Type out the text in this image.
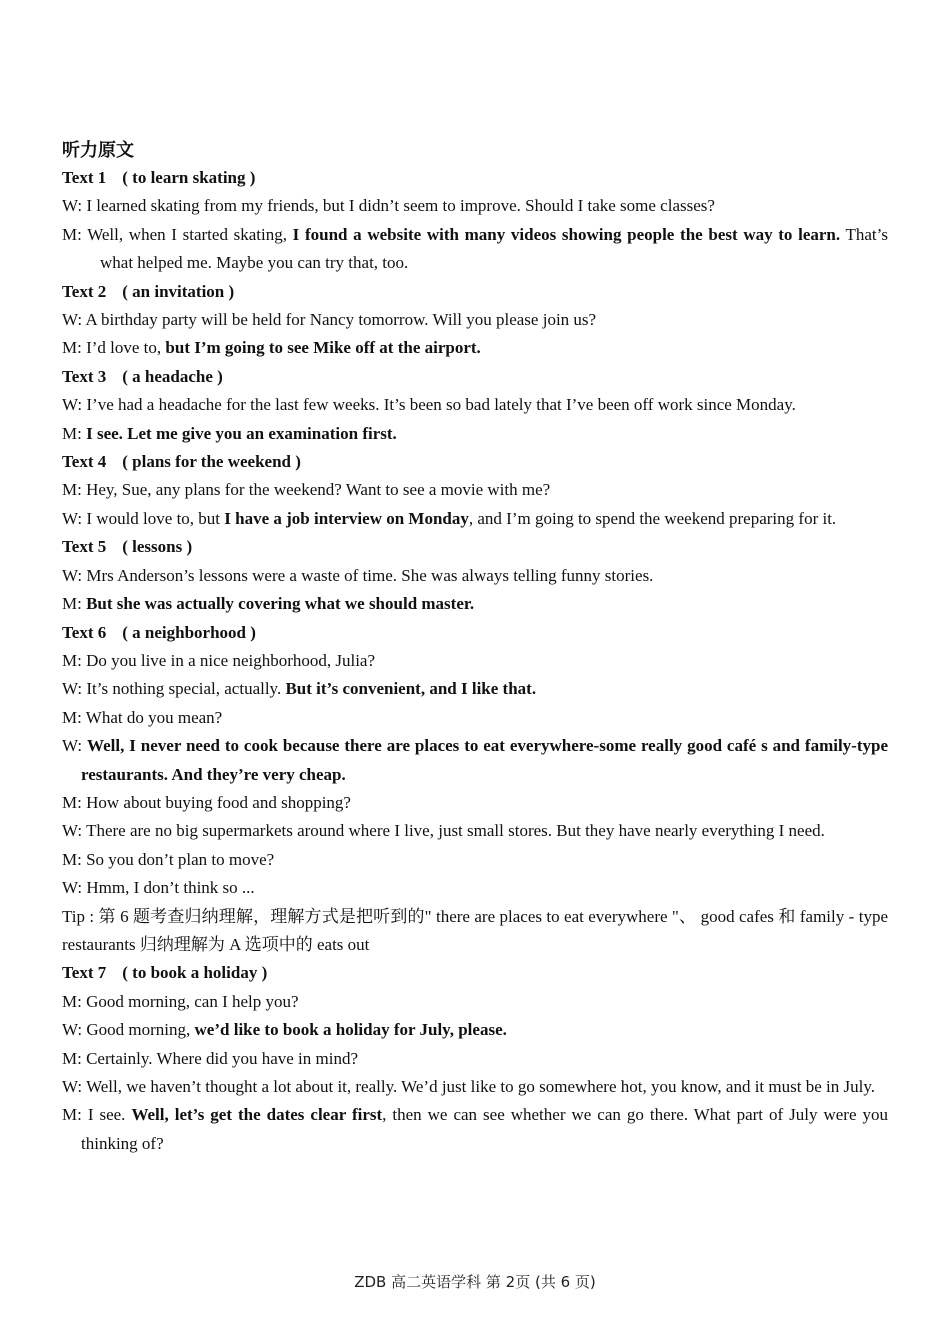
听力原文
Text 1 ( to learn skating )

W: I learned skating from my friends, but I didn’t seem to improve. Should I take some classes?

M: Well, when I started skating, I found a website with many videos showing people the best way to learn. That’s what helped me. Maybe you can try that, too.

Text 2 ( an invitation )

W: A birthday party will be held for Nancy tomorrow. Will you please join us?

M: I’d love to, but I’m going to see Mike off at the airport.

Text 3 ( a headache )

W: I’ve had a headache for the last few weeks. It’s been so bad lately that I’ve been off work since Monday.

M: I see. Let me give you an examination first.

Text 4 ( plans for the weekend )

M: Hey, Sue, any plans for the weekend? Want to see a movie with me?

W: I would love to, but I have a job interview on Monday, and I’m going to spend the weekend preparing for it.

Text 5 ( lessons )

W: Mrs Anderson’s lessons were a waste of time. She was always telling funny stories.

M: But she was actually covering what we should master.

Text 6 ( a neighborhood )

M: Do you live in a nice neighborhood, Julia?

W: It’s nothing special, actually. But it’s convenient, and I like that.

M: What do you mean?

W: Well, I never need to cook because there are places to eat everywhere-some really good café s and family-type restaurants. And they’re very cheap.

M: How about buying food and shopping?

W: There are no big supermarkets around where I live, just small stores. But they have nearly everything I need.

M: So you don’t plan to move?

W: Hmm, I don’t think so ...

Tip : 第 6 题考查归纳理解，理解方式是把听到的" there are places to eat everywhere "、 good cafes 和 family - type restaurants 归纳理解为 A 选项中的 eats out

Text 7 ( to book a holiday )

M: Good morning, can I help you?

W: Good morning, we’d like to book a holiday for July, please.

M: Certainly. Where did you have in mind?

W: Well, we haven’t thought a lot about it, really. We’d just like to go somewhere hot, you know, and it must be in July.

M: I see. Well, let’s get the dates clear first, then we can see whether we can go there. What part of July were you thinking of?

ZDB 高二英语学科 第 2页 (共 6 页)
